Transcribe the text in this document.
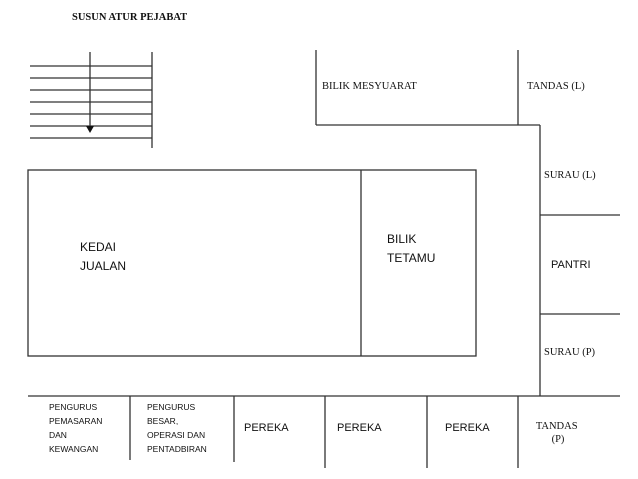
SUSUN ATUR PEJABAT
BILIK MESYUARAT	TANDAS (L)
SURAU (L)
PANTRI
SURAU (P)
KEDAI JUALAN
BILIK TETAMU
PENGURUS PEMASARAN DAN KEWANGAN
PENGURUS BESAR, OPERASI DAN PENTADBIRAN
PEREKA	PEREKA	PEREKA	TANDAS (P)
